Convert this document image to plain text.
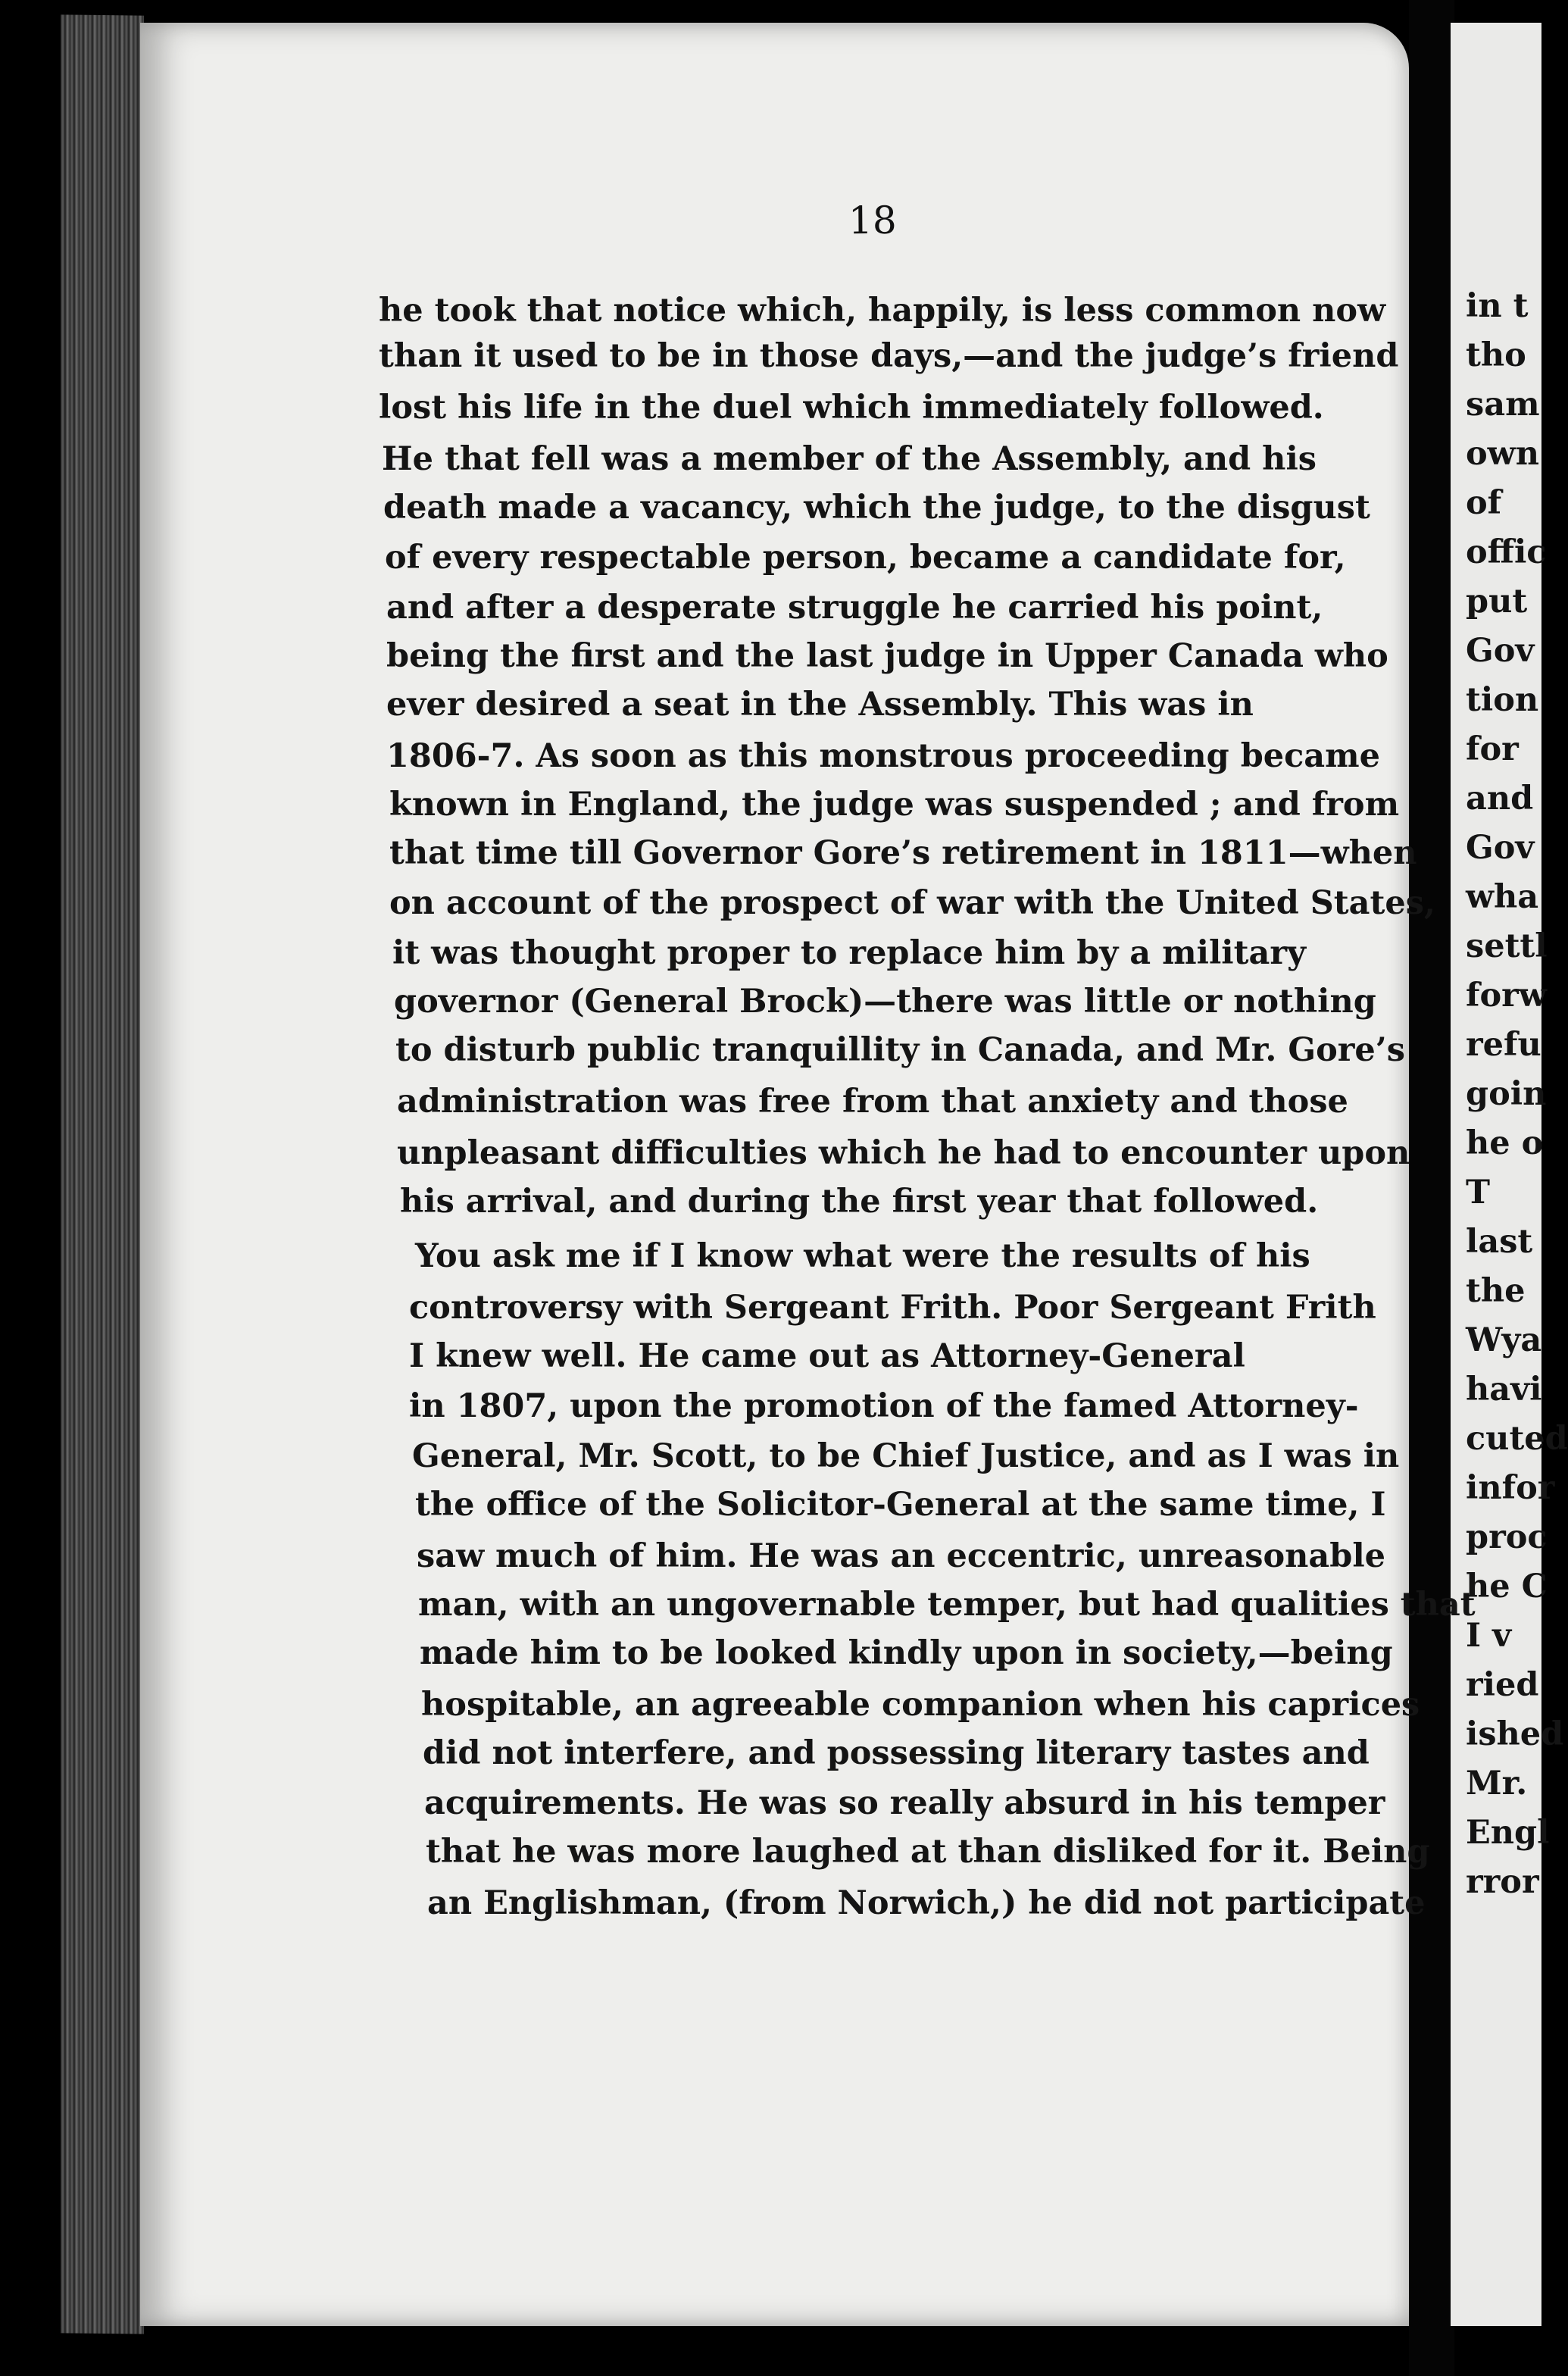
in t
tho
sam
own
of
offic
put
Gov
tion
for
and
Gov
wha
settl
forw
refu
goin
he o
T
last
the
Wya
havi
cuted
infor
proc
he C
I v
ried
ished
Mr.
Engl
rror
18
he took that notice which, happily, is less common now
than it used to be in those days,—and the judge’s friend
lost his life in the duel which immediately followed.
He that fell was a member of the Assembly, and his
death made a vacancy, which the judge, to the disgust
of every respectable person, became a candidate for,
and after a desperate struggle he carried his point,
being the first and the last judge in Upper Canada who
ever desired a seat in the Assembly. This was in
1806-7. As soon as this monstrous proceeding became
known in England, the judge was suspended ; and from
that time till Governor Gore’s retirement in 1811—when
on account of the prospect of war with the United States,
it was thought proper to replace him by a military
governor (General Brock)—there was little or nothing
to disturb public tranquillity in Canada, and Mr. Gore’s
administration was free from that anxiety and those
unpleasant difficulties which he had to encounter upon
his arrival, and during the first year that followed.
You ask me if I know what were the results of his
controversy with Sergeant Frith. Poor Sergeant Frith
I knew well. He came out as Attorney-General
in 1807, upon the promotion of the famed Attorney-
General, Mr. Scott, to be Chief Justice, and as I was in
the office of the Solicitor-General at the same time, I
saw much of him. He was an eccentric, unreasonable
man, with an ungovernable temper, but had qualities that
made him to be looked kindly upon in society,—being
hospitable, an agreeable companion when his caprices
did not interfere, and possessing literary tastes and
acquirements. He was so really absurd in his temper
that he was more laughed at than disliked for it. Being
an Englishman, (from Norwich,) he did not participate
